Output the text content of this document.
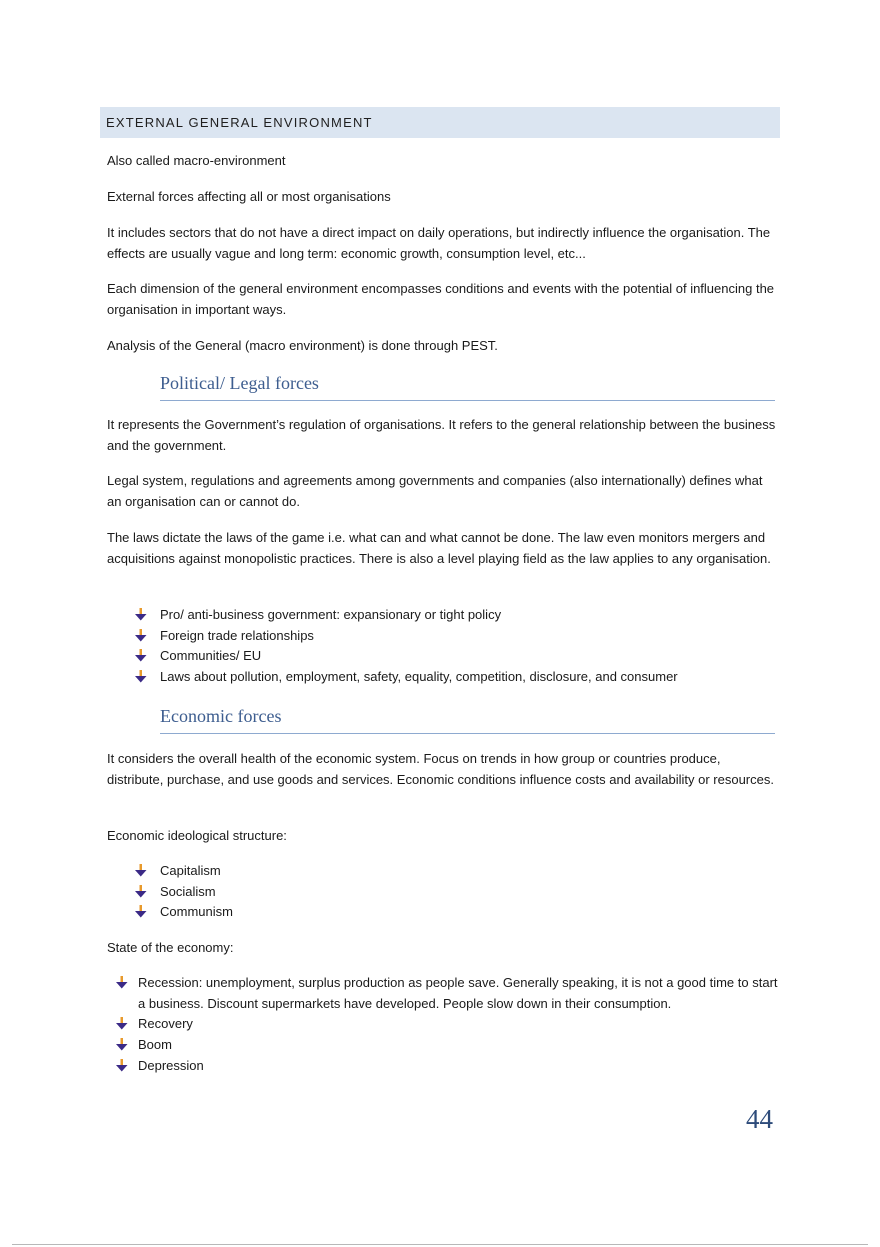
EXTERNAL GENERAL ENVIRONMENT

Also called macro-environment

External forces affecting all or most organisations

It includes sectors that do not have a direct impact on daily operations, but indirectly influence the organisation. The effects are usually vague and long term: economic growth, consumption level, etc...

Each dimension of the general environment encompasses conditions and events with the potential of influencing the organisation in important ways.

Analysis of the General (macro environment) is done through PEST.

Political/ Legal forces

It represents the Government’s regulation of organisations. It refers to the general relationship between the business and the government.

Legal system, regulations and agreements among governments and companies (also internationally) defines what an organisation can or cannot do.

The laws dictate the laws of the game i.e. what can and what cannot be done. The law even monitors mergers and acquisitions against monopolistic practices. There is also a level playing field as the law applies to any organisation.

Pro/ anti-business government: expansionary or tight policy
Foreign trade relationships
Communities/ EU
Laws about pollution, employment, safety, equality, competition, disclosure, and consumer
Economic forces

It considers the overall health of the economic system. Focus on trends in how group or countries produce, distribute, purchase, and use goods and services. Economic conditions influence costs and availability or resources.

Economic ideological structure:

Capitalism
Socialism
Communism

State of the economy:

Recession: unemployment, surplus production as people save. Generally speaking, it is not a good time to start a business. Discount supermarkets have developed. People slow down in their consumption.
Recovery
Boom
Depression
44
